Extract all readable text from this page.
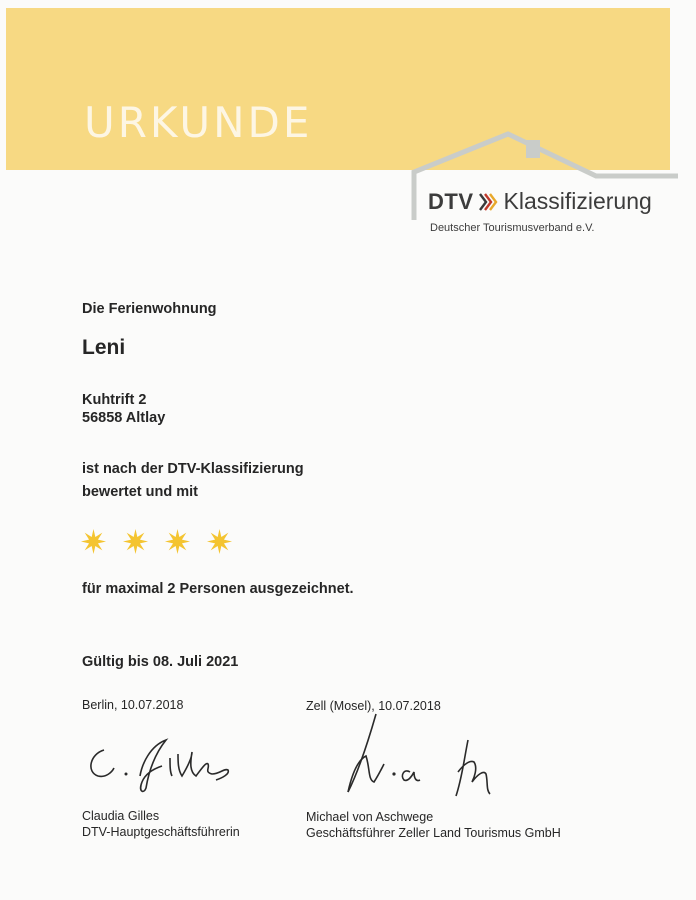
URKUNDE
DTV Klassifizierung
Deutscher Tourismusverband e.V.
Die Ferienwohnung
Leni
Kuhtrift 2
56858 Altlay
ist nach der DTV-Klassifizierung
bewertet und mit
für maximal 2 Personen ausgezeichnet.
Gültig bis 08. Juli 2021
Berlin, 10.07.2018	Zell (Mosel), 10.07.2018
Claudia Gilles
DTV-Hauptgeschäftsführerin
Michael von Aschwege
Geschäftsführer Zeller Land Tourismus GmbH
